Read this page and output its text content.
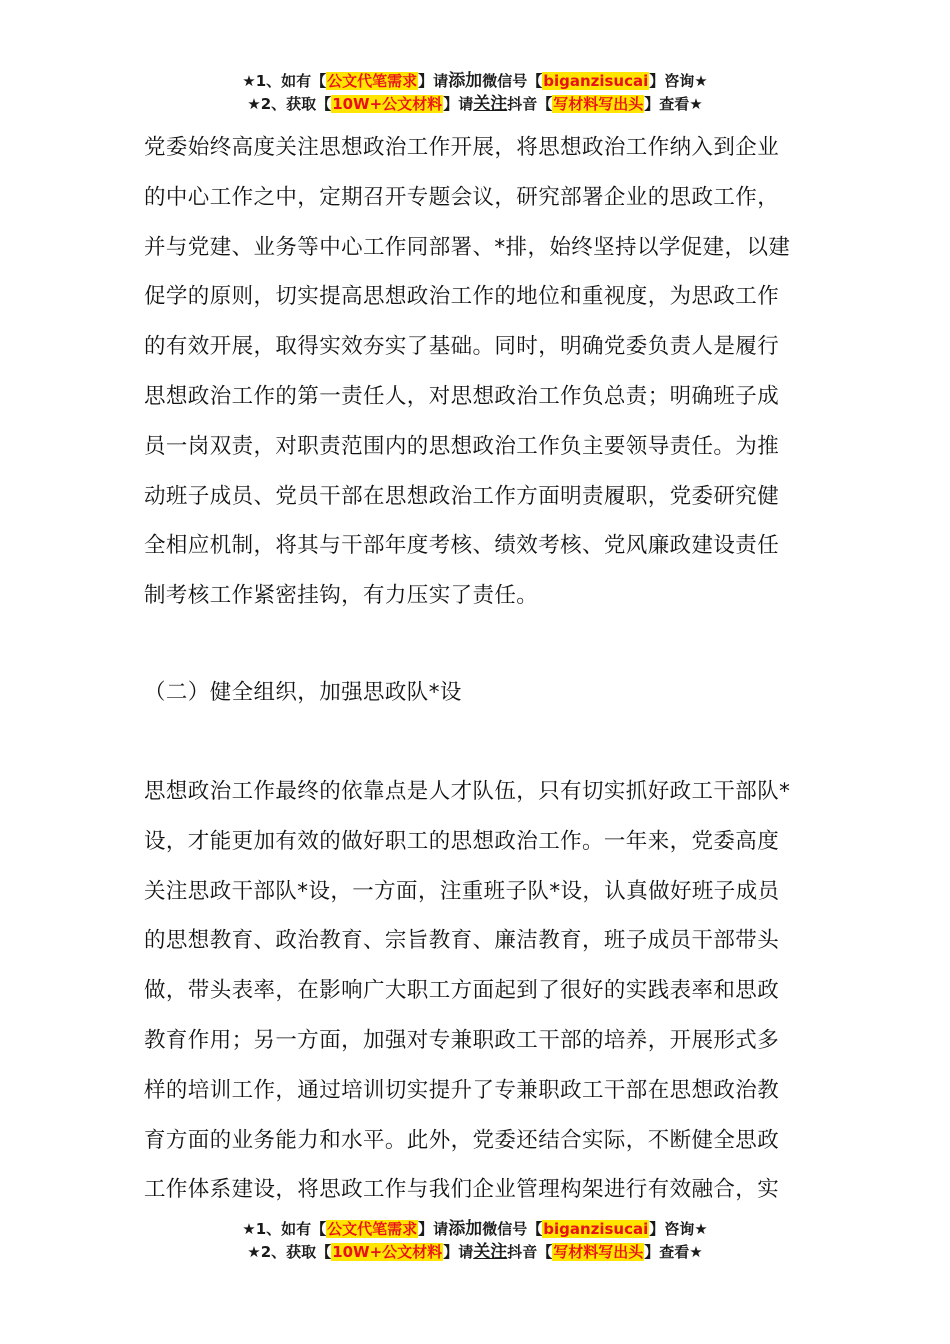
★1、如有【公文代笔需求】请添加微信号【biganzisucai】咨询★
★2、获取【10W+公文材料】请关注抖音【写材料写出头】查看★
党委始终高度关注思想政治工作开展，将思想政治工作纳入到企业
的中心工作之中，定期召开专题会议，研究部署企业的思政工作，
并与党建、业务等中心工作同部署、*排，始终坚持以学促建，以建
促学的原则，切实提高思想政治工作的地位和重视度，为思政工作
的有效开展，取得实效夯实了基础。同时，明确党委负责人是履行
思想政治工作的第一责任人，对思想政治工作负总责；明确班子成
员一岗双责，对职责范围内的思想政治工作负主要领导责任。为推
动班子成员、党员干部在思想政治工作方面明责履职，党委研究健
全相应机制，将其与干部年度考核、绩效考核、党风廉政建设责任
制考核工作紧密挂钩，有力压实了责任。
（二）健全组织，加强思政队*设
思想政治工作最终的依靠点是人才队伍，只有切实抓好政工干部队*
设，才能更加有效的做好职工的思想政治工作。一年来，党委高度
关注思政干部队*设，一方面，注重班子队*设，认真做好班子成员
的思想教育、政治教育、宗旨教育、廉洁教育，班子成员干部带头
做，带头表率，在影响广大职工方面起到了很好的实践表率和思政
教育作用；另一方面，加强对专兼职政工干部的培养，开展形式多
样的培训工作，通过培训切实提升了专兼职政工干部在思想政治教
育方面的业务能力和水平。此外，党委还结合实际，不断健全思政
工作体系建设，将思政工作与我们企业管理构架进行有效融合，实
★1、如有【公文代笔需求】请添加微信号【biganzisucai】咨询★
★2、获取【10W+公文材料】请关注抖音【写材料写出头】查看★
